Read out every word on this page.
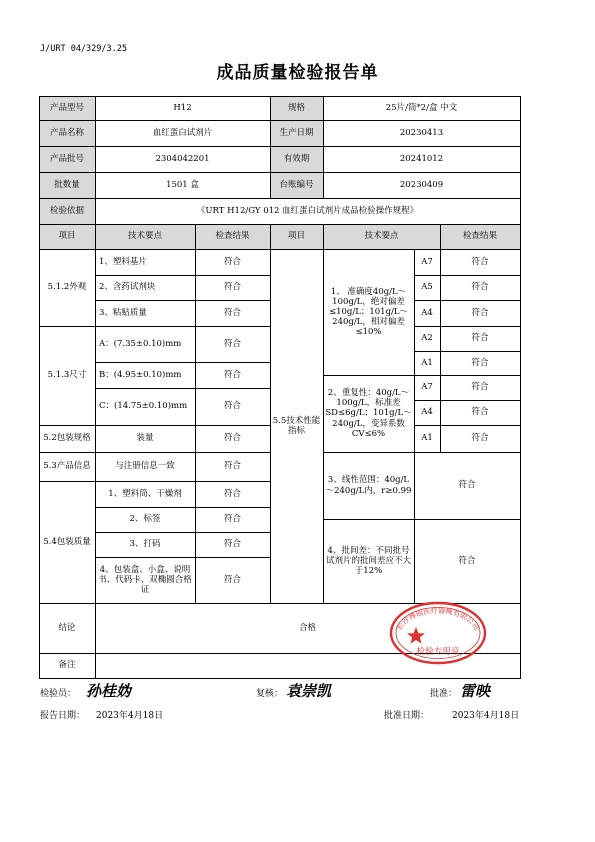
J/URT 04/329/3.25
成品质量检验报告单
产品型号	H12	规格	25片/筒*2/盒 中文
产品名称	血红蛋白试剂片	生产日期	20230413
产品批号	2304042201	有效期	20241012
批数量	1501 盒	台账编号	20230409
检验依据	《URT H12/GY 012 血红蛋白试剂片成品检验操作规程》
项目	技术要点	检查结果	项目	技术要点	检查结果
5.1.2外观
1、塑料基片	符合
2、含药试剂块	符合
3、粘贴质量	符合
5.1.3尺寸
A：(7.35±0.10)mm	符合
B：(4.95±0.10)mm	符合
C：(14.75±0.10)mm	符合
5.2包装规格	装量	符合
5.3产品信息	与注册信息一致	符合
5.4包装质量
1、塑料筒、干燥剂	符合
2、标签	符合
3、打码	符合
4、包装盒、小盒、说明书、代码卡、双椭圆合格证
符合
5.5技术性能指标
1、 准确度40g/L～100g/L，绝对偏差≤10g/L；101g/L～240g/L，相对偏差≤10%
A7	符合
A5	符合
A4	符合
A2	符合
A1	符合
2、重复性：40g/L～100g/L，标准差SD≤6g/L；101g/L～240g/L，变异系数CV≤6%
A7	符合
A4	符合
A1	符合
3、线性范围：40g/L～240g/L内，r≥0.99
符合
4、批间差：不同批号试剂片的批间差应不大于12%
符合
结论	合格
备注
长沙博瑞医疗器械有限公司
检验专用章
检验员： 孙桂妫	复核： 袁崇凯	批准： 雷映
报告日期： 2023年4月18日	批准日期：	2023年4月18日
